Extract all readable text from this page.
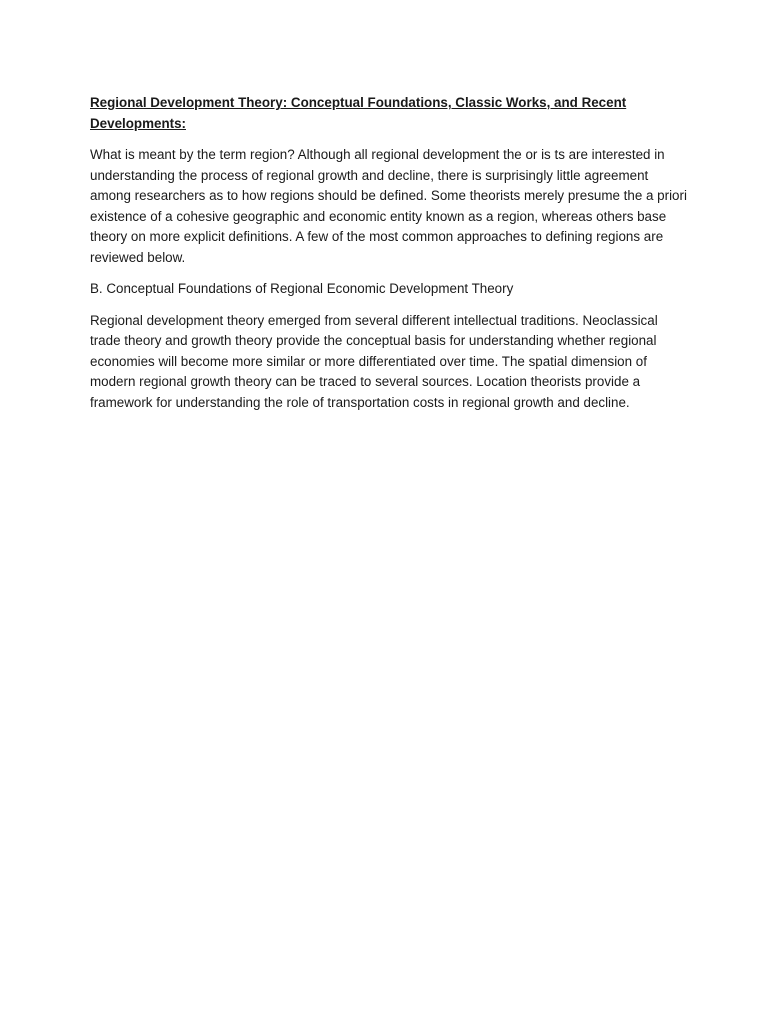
Regional Development Theory: Conceptual Foundations, Classic Works, and Recent Developments:

What is meant by the term region? Although all regional development the or is ts are interested in understanding the process of regional growth and decline, there is surprisingly little agreement among researchers as to how regions should be defined. Some theorists merely presume the a priori existence of a cohesive geographic and economic entity known as a region, whereas others base theory on more explicit definitions. A few of the most common approaches to defining regions are reviewed below.

B. Conceptual Foundations of Regional Economic Development Theory

Regional development theory emerged from several different intellectual traditions. Neoclassical trade theory and growth theory provide the conceptual basis for understanding whether regional economies will become more similar or more differentiated over time. The spatial dimension of modern regional growth theory can be traced to several sources. Location theorists provide a framework for understanding the role of transportation costs in regional growth and decline.
